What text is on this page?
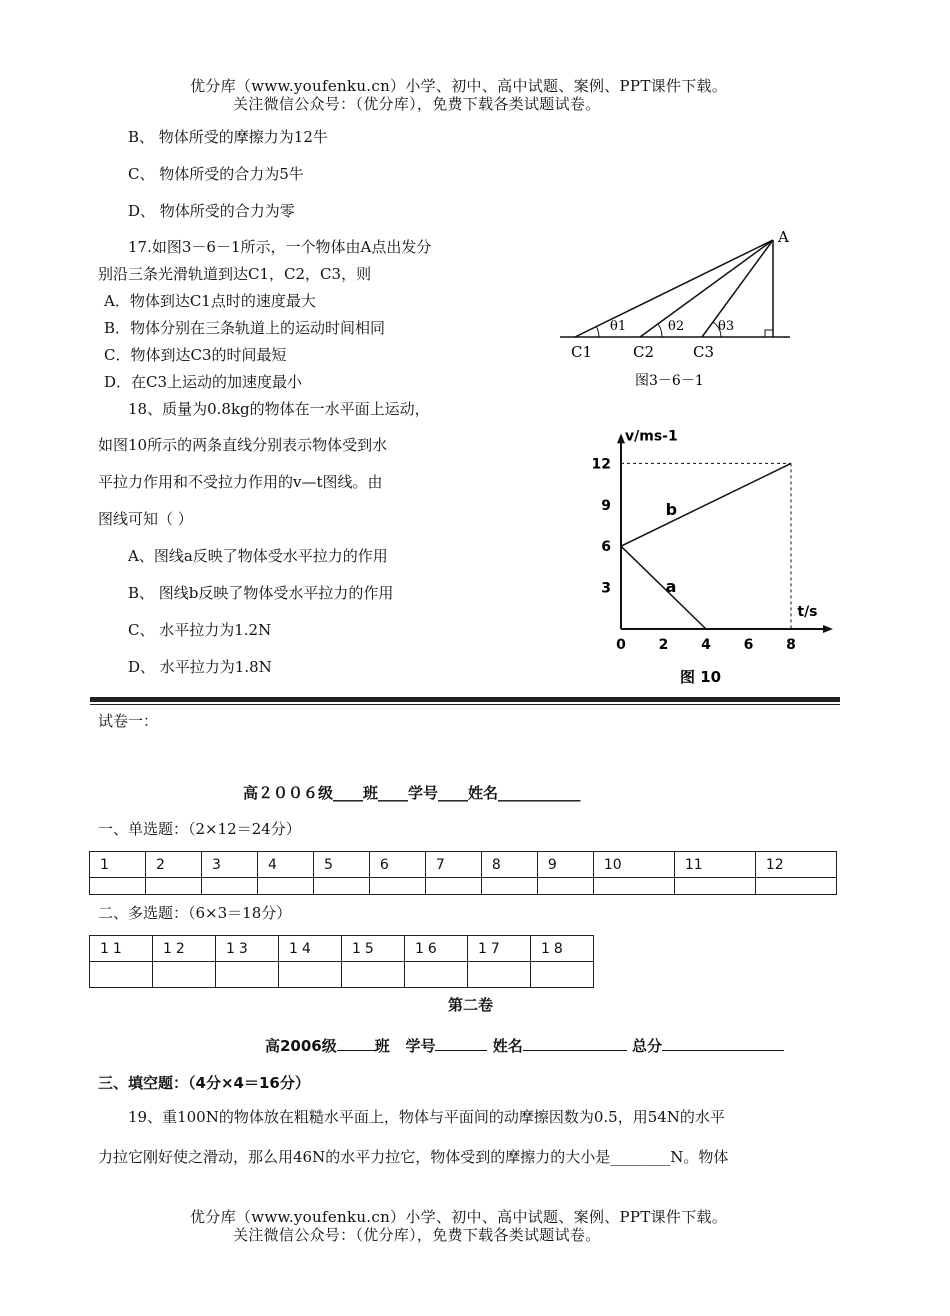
优分库（www.youfenku.cn）小学、初中、高中试题、案例、PPT课件下载。
关注微信公众号：（优分库），免费下载各类试题试卷。
B、 物体所受的摩擦力为12牛
C、 物体所受的合力为5牛
D、 物体所受的合力为零
17.如图3－6－1所示，一个物体由A点出发分
别沿三条光滑轨道到达C1，C2，C3，则
A．物体到达C1点时的速度最大
B．物体分别在三条轨道上的运动时间相同
C．物体到达C3的时间最短
D．在C3上运动的加速度最小
A
θ1	θ2	θ3
C1	C2	C3
图3－6－1
18、质量为0.8kg的物体在一水平面上运动，
如图10所示的两条直线分别表示物体受到水
平拉力作用和不受拉力作用的v—t图线。由
图线可知（ ）
A、图线a反映了物体受水平拉力的作用
B、 图线b反映了物体受水平拉力的作用
C、 水平拉力为1.2N
D、 水平拉力为1.8N
3
6
9
12
0 2 4 6 8
b
a
t/s
v/ms-1
图 10
试卷一：
高２００６级____班____学号____姓名___________
一、单选题：（2×12＝24分）
1	2	3	4	5	6	7	8	9	10	11	12

二、多选题：（6×3＝18分）
11	12	13	14	15	16	17	18

第二卷
高2006级	班 学号	姓名	总分
三、填空题：（4分×4＝16分）
19、重100N的物体放在粗糙水平面上，物体与平面间的动摩擦因数为0.5，用54N的水平
力拉它刚好使之滑动，那么用46N的水平力拉它，物体受到的摩擦力的大小是________N。物体
优分库（www.youfenku.cn）小学、初中、高中试题、案例、PPT课件下载。
关注微信公众号：（优分库），免费下载各类试题试卷。
